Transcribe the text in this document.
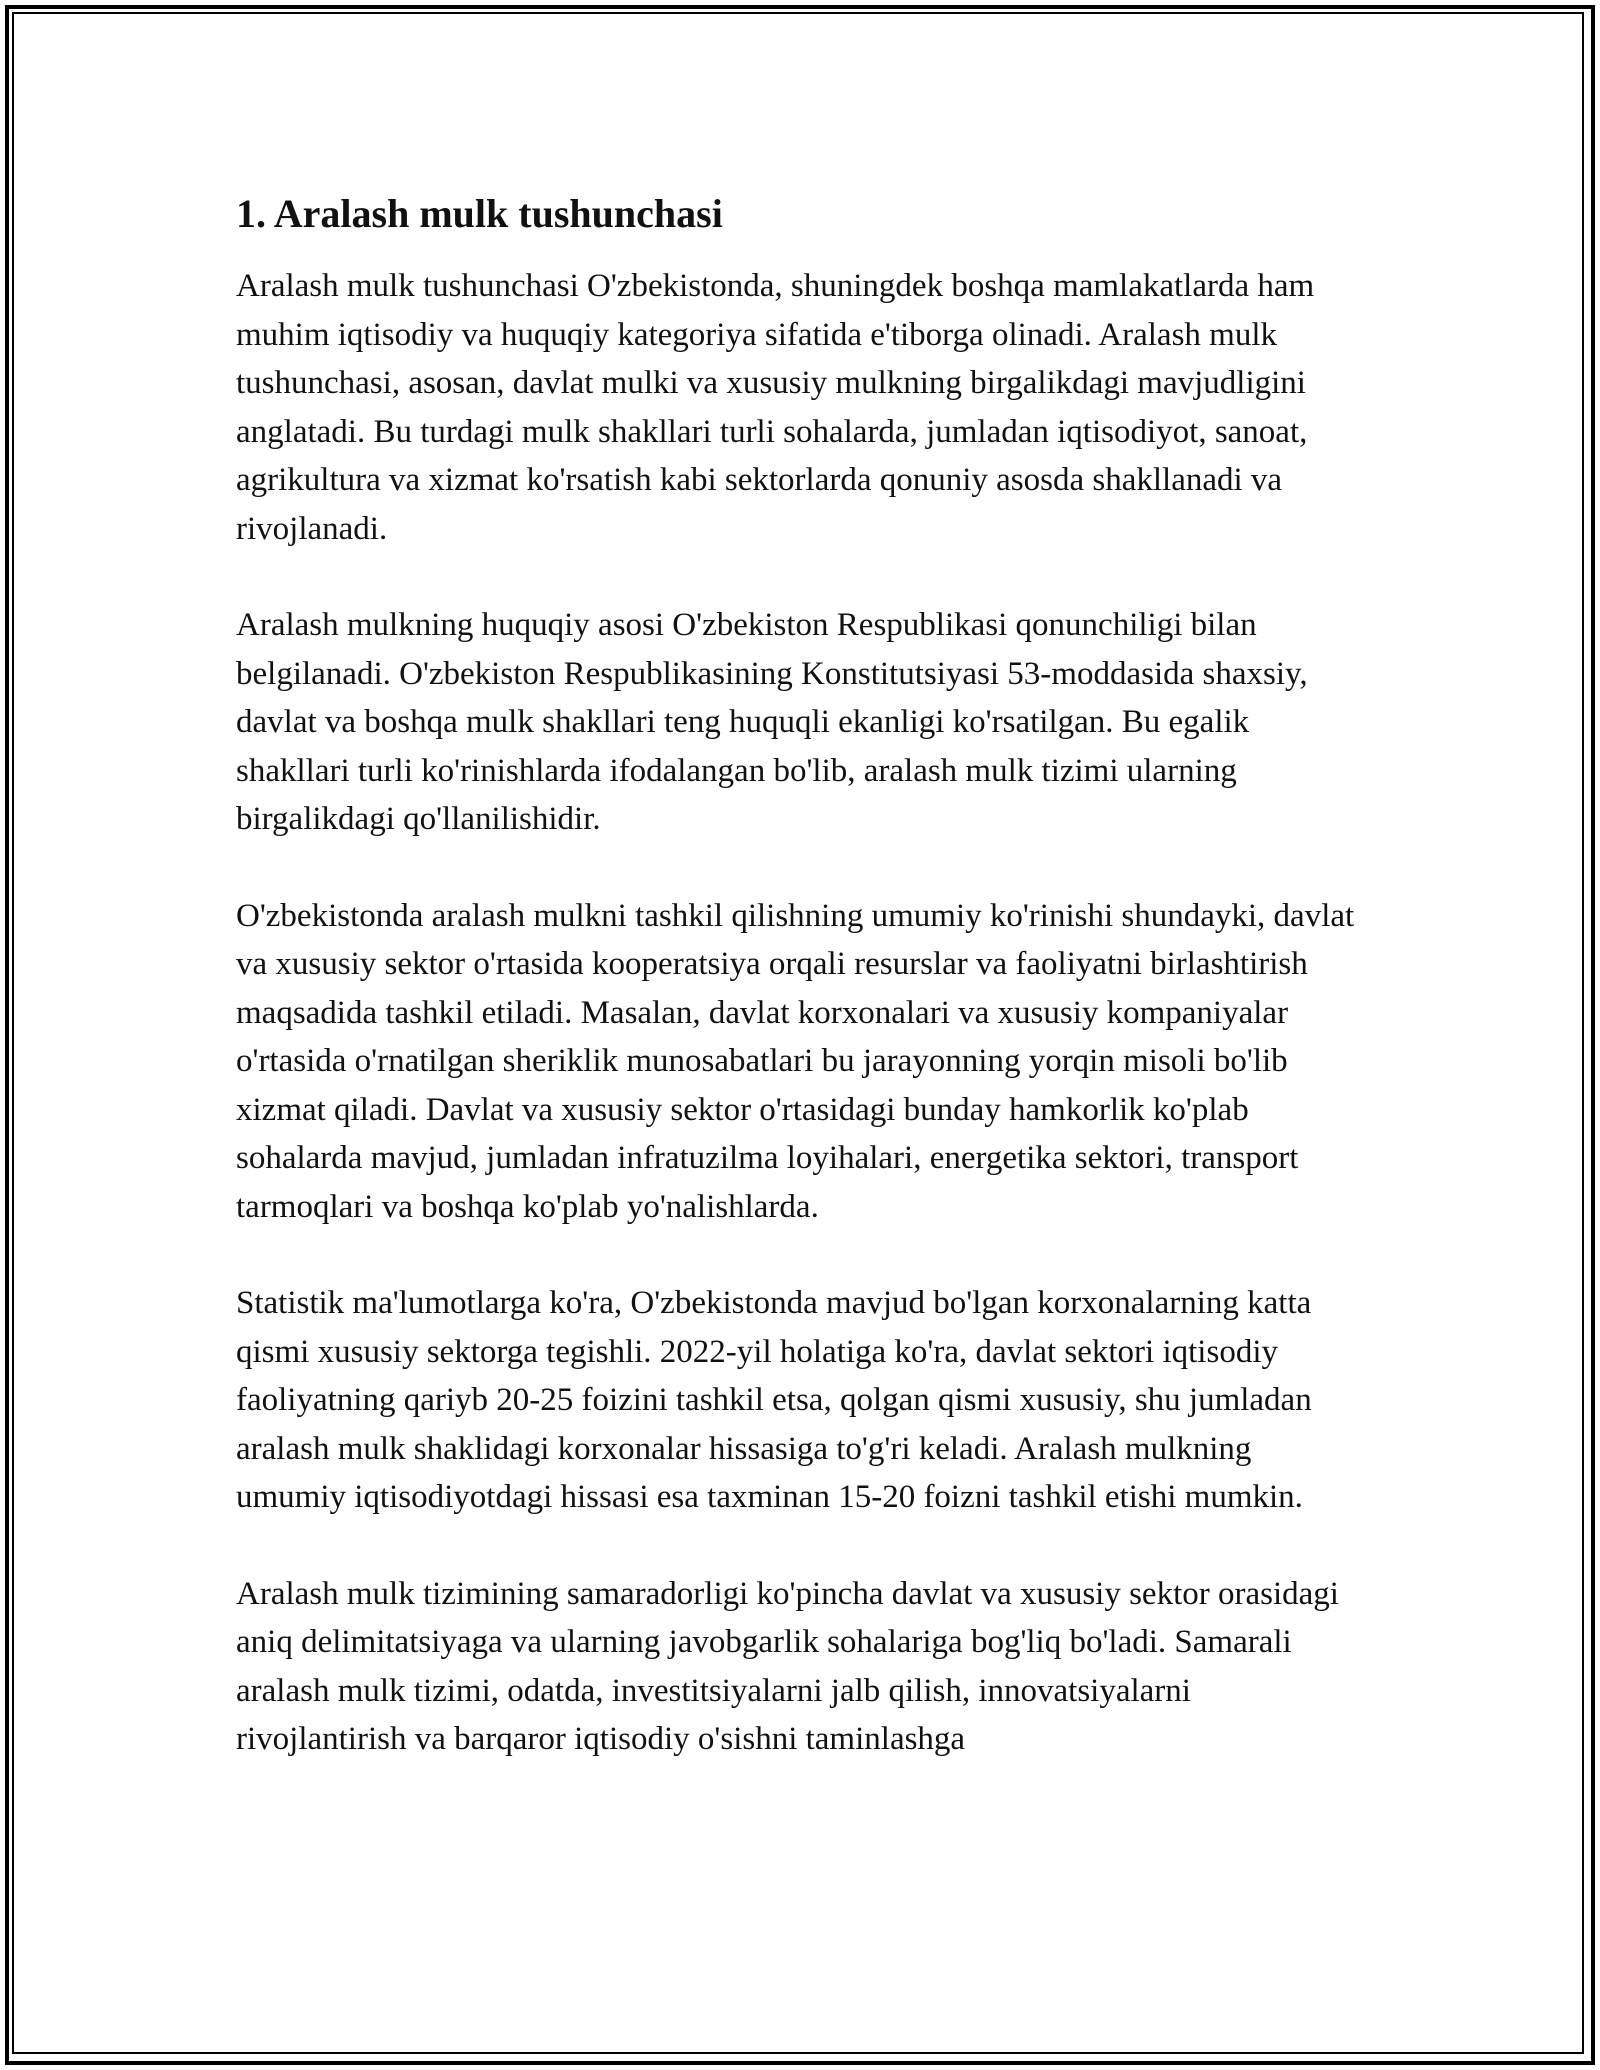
1. Aralash mulk tushunchasi

Aralash mulk tushunchasi O'zbekistonda, shuningdek boshqa mamlakatlarda ham muhim iqtisodiy va huquqiy kategoriya sifatida e'tiborga olinadi. Aralash mulk tushunchasi, asosan, davlat mulki va xususiy mulkning birgalikdagi mavjudligini anglatadi. Bu turdagi mulk shakllari turli sohalarda, jumladan iqtisodiyot, sanoat, agrikultura va xizmat ko'rsatish kabi sektorlarda qonuniy asosda shakllanadi va rivojlanadi.

Aralash mulkning huquqiy asosi O'zbekiston Respublikasi qonunchiligi bilan belgilanadi. O'zbekiston Respublikasining Konstitutsiyasi 53-moddasida shaxsiy, davlat va boshqa mulk shakllari teng huquqli ekanligi ko'rsatilgan. Bu egalik shakllari turli ko'rinishlarda ifodalangan bo'lib, aralash mulk tizimi ularning birgalikdagi qo'llanilishidir.

O'zbekistonda aralash mulkni tashkil qilishning umumiy ko'rinishi shundayki, davlat va xususiy sektor o'rtasida kooperatsiya orqali resurslar va faoliyatni birlashtirish maqsadida tashkil etiladi. Masalan, davlat korxonalari va xususiy kompaniyalar o'rtasida o'rnatilgan sheriklik munosabatlari bu jarayonning yorqin misoli bo'lib xizmat qiladi. Davlat va xususiy sektor o'rtasidagi bunday hamkorlik ko'plab sohalarda mavjud, jumladan infratuzilma loyihalari, energetika sektori, transport tarmoqlari va boshqa ko'plab yo'nalishlarda.

Statistik ma'lumotlarga ko'ra, O'zbekistonda mavjud bo'lgan korxonalarning katta qismi xususiy sektorga tegishli. 2022-yil holatiga ko'ra, davlat sektori iqtisodiy faoliyatning qariyb 20-25 foizini tashkil etsa, qolgan qismi xususiy, shu jumladan aralash mulk shaklidagi korxonalar hissasiga to'g'ri keladi. Aralash mulkning umumiy iqtisodiyotdagi hissasi esa taxminan 15-20 foizni tashkil etishi mumkin.

Aralash mulk tizimining samaradorligi ko'pincha davlat va xususiy sektor orasidagi aniq delimitatsiyaga va ularning javobgarlik sohalariga bog'liq bo'ladi. Samarali aralash mulk tizimi, odatda, investitsiyalarni jalb qilish, innovatsiyalarni rivojlantirish va barqaror iqtisodiy o'sishni taminlashga
